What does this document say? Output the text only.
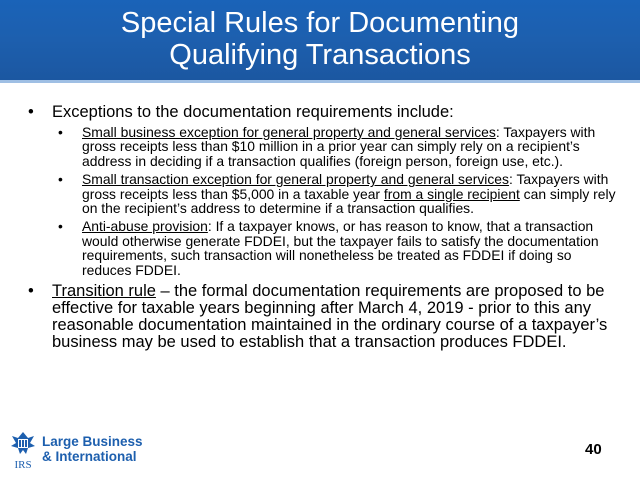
Special Rules for Documenting
Qualifying Transactions
• Exceptions to the documentation requirements include:
• Small business exception for general property and general services: Taxpayers with gross receipts less than $10 million in a prior year can simply rely on a recipient’s address in deciding if a transaction qualifies (foreign person, foreign use, etc.).
• Small transaction exception for general property and general services: Taxpayers with gross receipts less than $5,000 in a taxable year from a single recipient can simply rely on the recipient’s address to determine if a transaction qualifies.
• Anti-abuse provision: If a taxpayer knows, or has reason to know, that a transaction would otherwise generate FDDEI, but the taxpayer fails to satisfy the documentation requirements, such transaction will nonetheless be treated as FDDEI if doing so reduces FDDEI.
• Transition rule – the formal documentation requirements are proposed to be effective for taxable years beginning after March 4, 2019 - prior to this any reasonable documentation maintained in the ordinary course of a taxpayer’s business may be used to establish that a transaction produces FDDEI.
IRS
Large Business
& International	40
